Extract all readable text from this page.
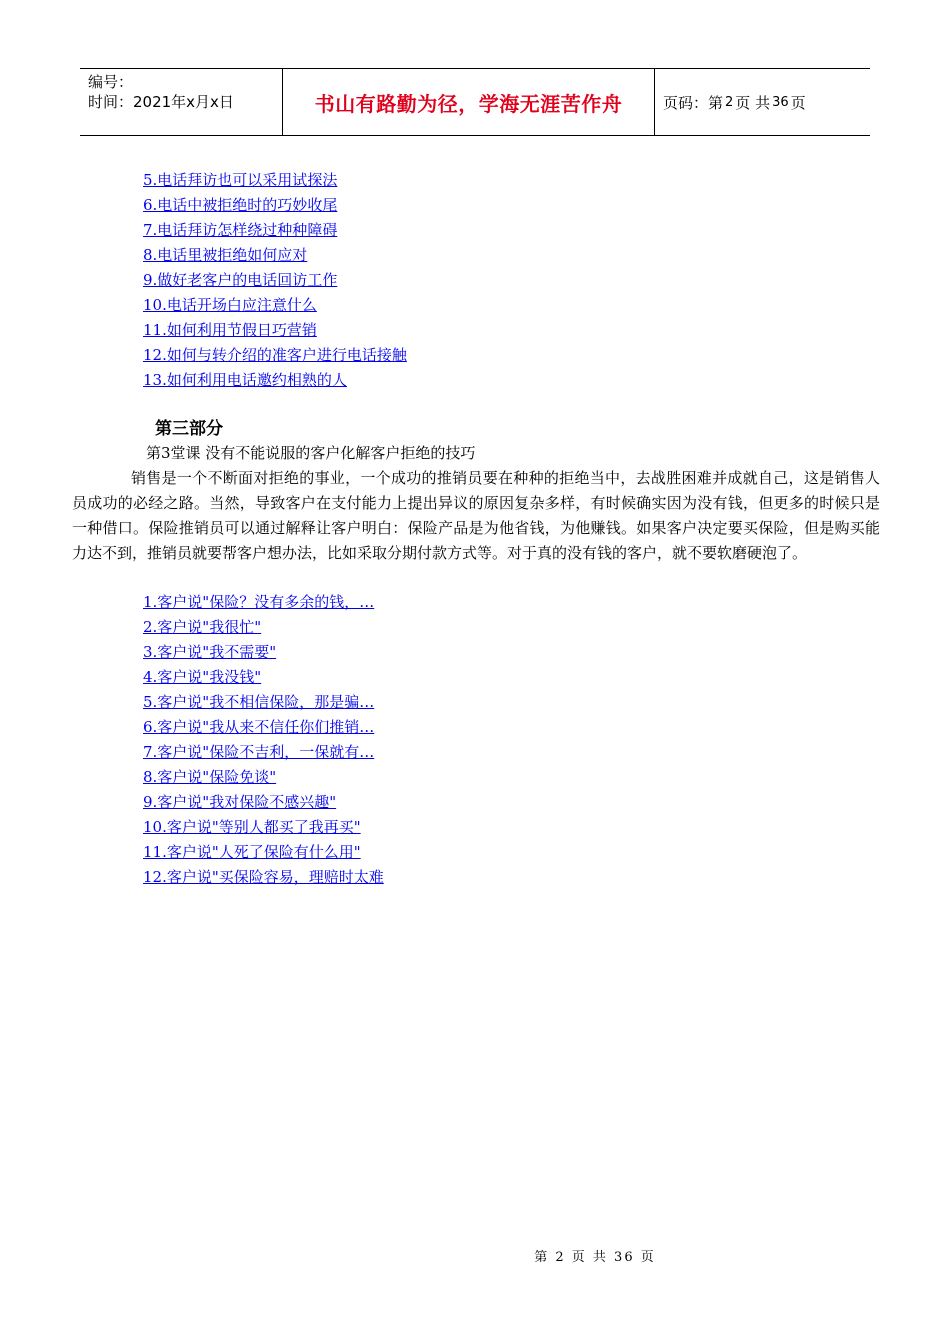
编号：
时间：2021年x月x日	书山有路勤为径，学海无涯苦作舟	页码：第 2 页 共 36 页
5.电话拜访也可以采用试探法
6.电话中被拒绝时的巧妙收尾
7.电话拜访怎样绕过种种障碍
8.电话里被拒绝如何应对
9.做好老客户的电话回访工作
10.电话开场白应注意什么
11.如何利用节假日巧营销
12.如何与转介绍的准客户进行电话接触
13.如何利用电话邀约相熟的人
第三部分
第3堂课 没有不能说服的客户化解客户拒绝的技巧

销售是一个不断面对拒绝的事业，一个成功的推销员要在种种的拒绝当中，去战胜困难并成就自己，这是销售人员成功的必经之路。当然，导致客户在支付能力上提出异议的原因复杂多样，有时候确实因为没有钱，但更多的时候只是一种借口。保险推销员可以通过解释让客户明白：保险产品是为他省钱，为他赚钱。如果客户决定要买保险，但是购买能力达不到，推销员就要帮客户想办法，比如采取分期付款方式等。对于真的没有钱的客户，就不要软磨硬泡了。

1.客户说"保险？没有多余的钱，…
2.客户说"我很忙"
3.客户说"我不需要"
4.客户说"我没钱"
5.客户说"我不相信保险，那是骗…
6.客户说"我从来不信任你们推销…
7.客户说"保险不吉利，一保就有…
8.客户说"保险免谈"
9.客户说"我对保险不感兴趣"
10.客户说"等别人都买了我再买"
11.客户说"人死了保险有什么用"
12.客户说"买保险容易，理赔时太难
第 2 页 共 36 页
